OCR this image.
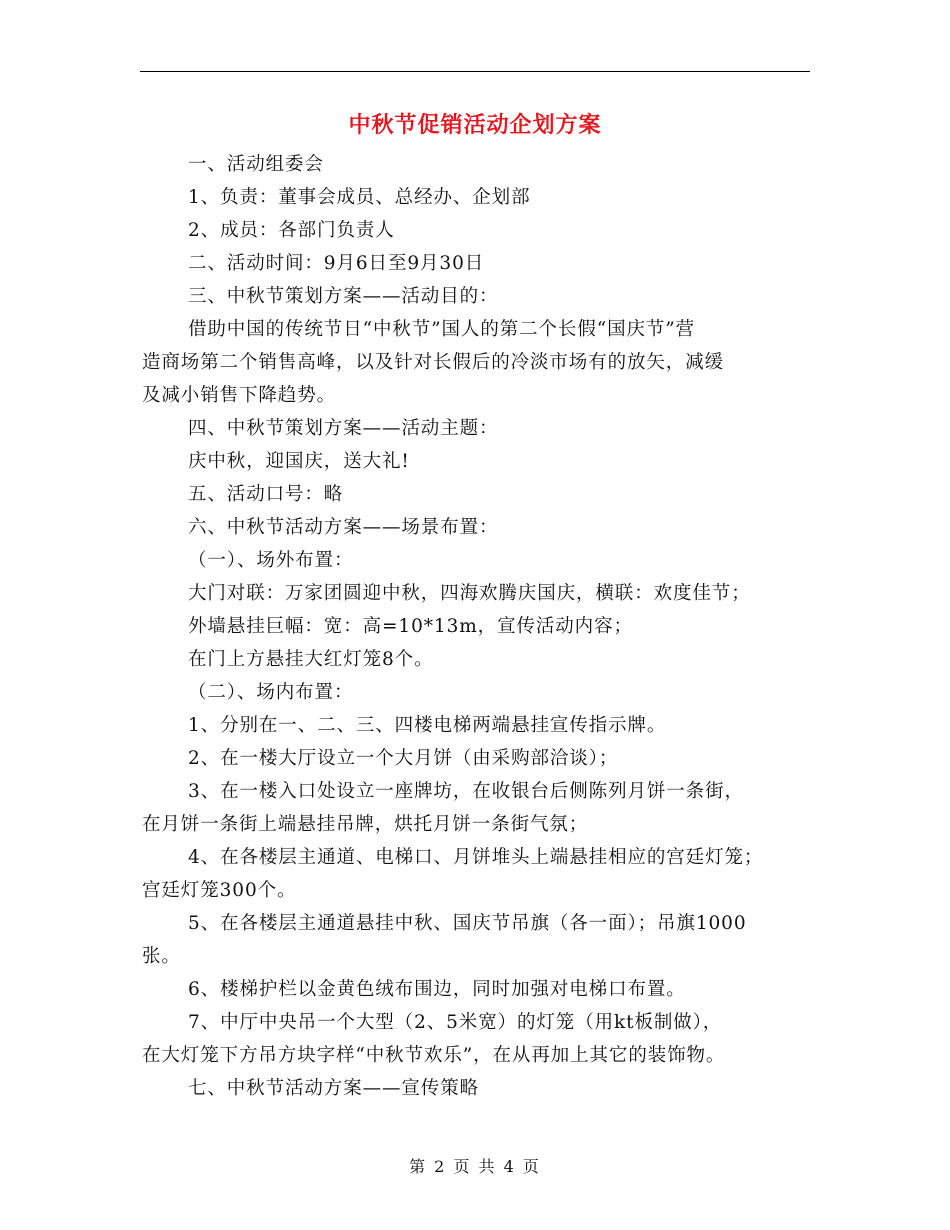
中秋节促销活动企划方案
一、活动组委会
1、负责：董事会成员、总经办、企划部
2、成员：各部门负责人
二、活动时间：9月6日至9月30日
三、中秋节策划方案——活动目的：
借助中国的传统节日“中秋节”国人的第二个长假“国庆节”营
造商场第二个销售高峰，以及针对长假后的冷淡市场有的放矢，减缓
及减小销售下降趋势。
四、中秋节策划方案——活动主题：
庆中秋，迎国庆，送大礼!
五、活动口号：略
六、中秋节活动方案——场景布置：
（一）、场外布置：
大门对联：万家团圆迎中秋，四海欢腾庆国庆，横联：欢度佳节；
外墙悬挂巨幅：宽：高=10*13m，宣传活动内容；
在门上方悬挂大红灯笼8个。
（二）、场内布置：
1、分别在一、二、三、四楼电梯两端悬挂宣传指示牌。
2、在一楼大厅设立一个大月饼（由采购部洽谈）；
3、在一楼入口处设立一座牌坊，在收银台后侧陈列月饼一条街，
在月饼一条街上端悬挂吊牌，烘托月饼一条街气氛；
4、在各楼层主通道、电梯口、月饼堆头上端悬挂相应的宫廷灯笼；
宫廷灯笼300个。
5、在各楼层主通道悬挂中秋、国庆节吊旗（各一面）；吊旗1000
张。
6、楼梯护栏以金黄色绒布围边，同时加强对电梯口布置。
7、中厅中央吊一个大型（2、5米宽）的灯笼（用kt板制做），
在大灯笼下方吊方块字样“中秋节欢乐”，在从再加上其它的装饰物。
七、中秋节活动方案——宣传策略
第 2 页 共 4 页
